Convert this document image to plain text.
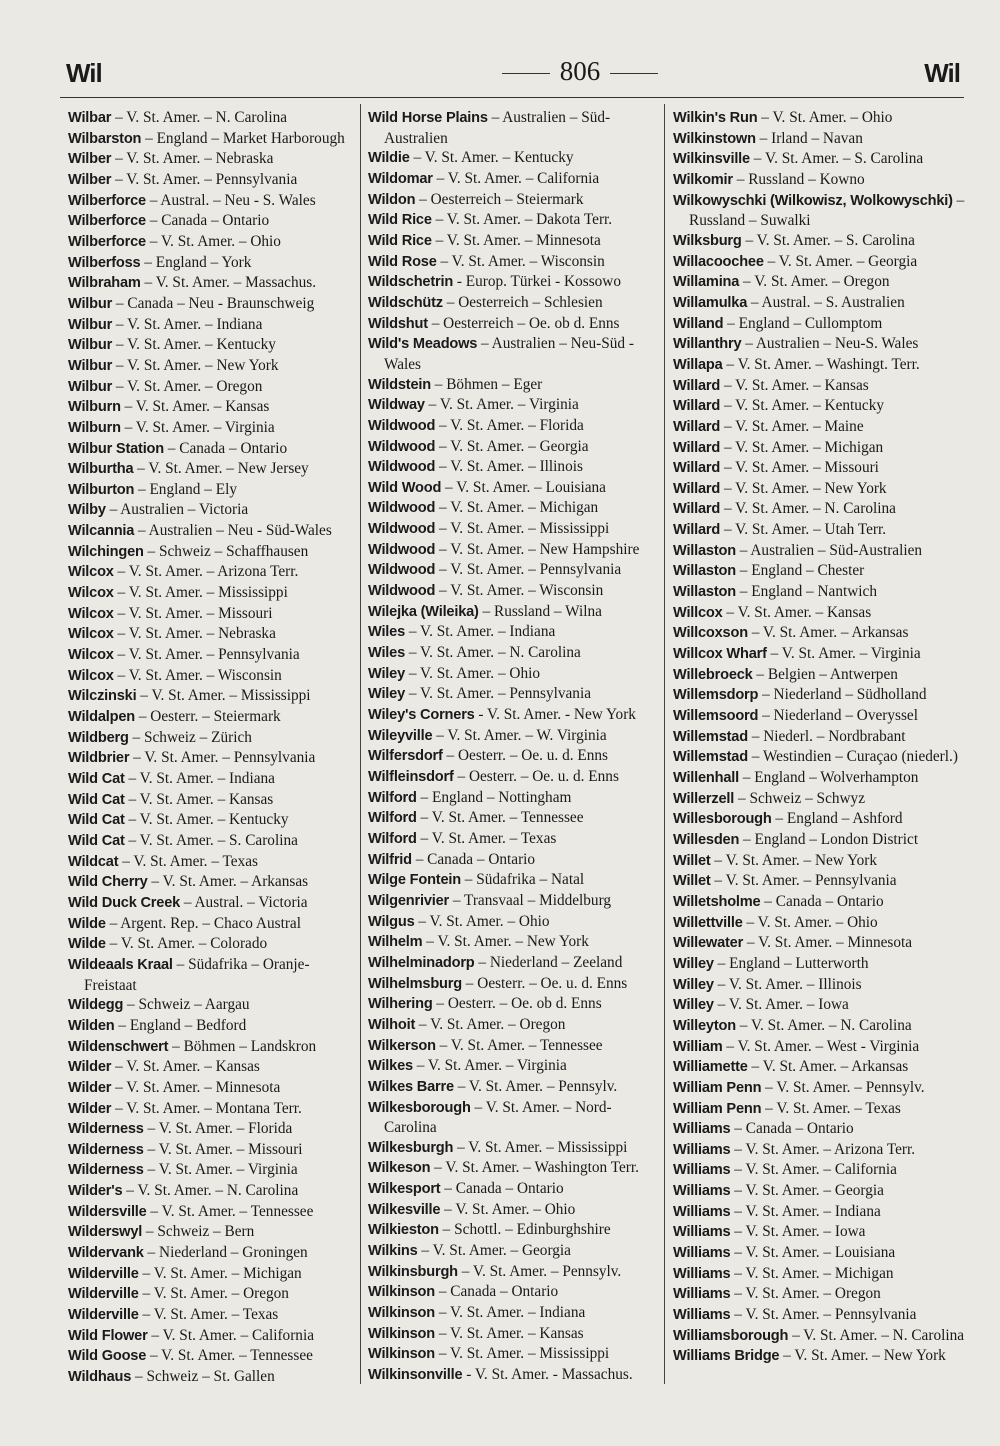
Wil	806	Wil
Wilbar – V. St. Amer. – N. Carolina
Wilbarston – England – Market Harborough
Wilber – V. St. Amer. – Nebraska
Wilber – V. St. Amer. – Pennsylvania
Wilberforce – Austral. – Neu - S. Wales
Wilberforce – Canada – Ontario
Wilberforce – V. St. Amer. – Ohio
Wilberfoss – England – York
Wilbraham – V. St. Amer. – Massachus.
Wilbur – Canada – Neu - Braunschweig
Wilbur – V. St. Amer. – Indiana
Wilbur – V. St. Amer. – Kentucky
Wilbur – V. St. Amer. – New York
Wilbur – V. St. Amer. – Oregon
Wilburn – V. St. Amer. – Kansas
Wilburn – V. St. Amer. – Virginia
Wilbur Station – Canada – Ontario
Wilburtha – V. St. Amer. – New Jersey
Wilburton – England – Ely
Wilby – Australien – Victoria
Wilcannia – Australien – Neu - Süd-Wales
Wilchingen – Schweiz – Schaffhausen
Wilcox – V. St. Amer. – Arizona Terr.
Wilcox – V. St. Amer. – Mississippi
Wilcox – V. St. Amer. – Missouri
Wilcox – V. St. Amer. – Nebraska
Wilcox – V. St. Amer. – Pennsylvania
Wilcox – V. St. Amer. – Wisconsin
Wilczinski – V. St. Amer. – Mississippi
Wildalpen – Oesterr. – Steiermark
Wildberg – Schweiz – Zürich
Wildbrier – V. St. Amer. – Pennsylvania
Wild Cat – V. St. Amer. – Indiana
Wild Cat – V. St. Amer. – Kansas
Wild Cat – V. St. Amer. – Kentucky
Wild Cat – V. St. Amer. – S. Carolina
Wildcat – V. St. Amer. – Texas
Wild Cherry – V. St. Amer. – Arkansas
Wild Duck Creek – Austral. – Victoria
Wilde – Argent. Rep. – Chaco Austral
Wilde – V. St. Amer. – Colorado
Wildeaals Kraal – Südafrika – Oranje-Freistaat
Wildegg – Schweiz – Aargau
Wilden – England – Bedford
Wildenschwert – Böhmen – Landskron
Wilder – V. St. Amer. – Kansas
Wilder – V. St. Amer. – Minnesota
Wilder – V. St. Amer. – Montana Terr.
Wilderness – V. St. Amer. – Florida
Wilderness – V. St. Amer. – Missouri
Wilderness – V. St. Amer. – Virginia
Wilder's – V. St. Amer. – N. Carolina
Wildersville – V. St. Amer. – Tennessee
Wilderswyl – Schweiz – Bern
Wildervank – Niederland – Groningen
Wilderville – V. St. Amer. – Michigan
Wilderville – V. St. Amer. – Oregon
Wilderville – V. St. Amer. – Texas
Wild Flower – V. St. Amer. – California
Wild Goose – V. St. Amer. – Tennessee
Wildhaus – Schweiz – St. Gallen
Wild Horse Plains – Australien – Süd-Australien
Wildie – V. St. Amer. – Kentucky
Wildomar – V. St. Amer. – California
Wildon – Oesterreich – Steiermark
Wild Rice – V. St. Amer. – Dakota Terr.
Wild Rice – V. St. Amer. – Minnesota
Wild Rose – V. St. Amer. – Wisconsin
Wildschetrin - Europ. Türkei - Kossowo
Wildschütz – Oesterreich – Schlesien
Wildshut – Oesterreich – Oe. ob d. Enns
Wild's Meadows – Australien – Neu-Süd -Wales
Wildstein – Böhmen – Eger
Wildway – V. St. Amer. – Virginia
Wildwood – V. St. Amer. – Florida
Wildwood – V. St. Amer. – Georgia
Wildwood – V. St. Amer. – Illinois
Wild Wood – V. St. Amer. – Louisiana
Wildwood – V. St. Amer. – Michigan
Wildwood – V. St. Amer. – Mississippi
Wildwood – V. St. Amer. – New Hampshire
Wildwood – V. St. Amer. – Pennsylvania
Wildwood – V. St. Amer. – Wisconsin
Wilejka (Wileika) – Russland – Wilna
Wiles – V. St. Amer. – Indiana
Wiles – V. St. Amer. – N. Carolina
Wiley – V. St. Amer. – Ohio
Wiley – V. St. Amer. – Pennsylvania
Wiley's Corners - V. St. Amer. - New York
Wileyville – V. St. Amer. – W. Virginia
Wilfersdorf – Oesterr. – Oe. u. d. Enns
Wilfleinsdorf – Oesterr. – Oe. u. d. Enns
Wilford – England – Nottingham
Wilford – V. St. Amer. – Tennessee
Wilford – V. St. Amer. – Texas
Wilfrid – Canada – Ontario
Wilge Fontein – Südafrika – Natal
Wilgenrivier – Transvaal – Middelburg
Wilgus – V. St. Amer. – Ohio
Wilhelm – V. St. Amer. – New York
Wilhelminadorp – Niederland – Zeeland
Wilhelmsburg – Oesterr. – Oe. u. d. Enns
Wilhering – Oesterr. – Oe. ob d. Enns
Wilhoit – V. St. Amer. – Oregon
Wilkerson – V. St. Amer. – Tennessee
Wilkes – V. St. Amer. – Virginia
Wilkes Barre – V. St. Amer. – Pennsylv.
Wilkesborough – V. St. Amer. – Nord-Carolina
Wilkesburgh – V. St. Amer. – Mississippi
Wilkeson – V. St. Amer. – Washington Terr.
Wilkesport – Canada – Ontario
Wilkesville – V. St. Amer. – Ohio
Wilkieston – Schottl. – Edinburghshire
Wilkins – V. St. Amer. – Georgia
Wilkinsburgh – V. St. Amer. – Pennsylv.
Wilkinson – Canada – Ontario
Wilkinson – V. St. Amer. – Indiana
Wilkinson – V. St. Amer. – Kansas
Wilkinson – V. St. Amer. – Mississippi
Wilkinsonville - V. St. Amer. - Massachus.
Wilkin's Run – V. St. Amer. – Ohio
Wilkinstown – Irland – Navan
Wilkinsville – V. St. Amer. – S. Carolina
Wilkomir – Russland – Kowno
Wilkowyschki (Wilkowisz, Wolkowyschki) – Russland – Suwalki
Wilksburg – V. St. Amer. – S. Carolina
Willacoochee – V. St. Amer. – Georgia
Willamina – V. St. Amer. – Oregon
Willamulka – Austral. – S. Australien
Willand – England – Cullomptom
Willanthry – Australien – Neu-S. Wales
Willapa – V. St. Amer. – Washingt. Terr.
Willard – V. St. Amer. – Kansas
Willard – V. St. Amer. – Kentucky
Willard – V. St. Amer. – Maine
Willard – V. St. Amer. – Michigan
Willard – V. St. Amer. – Missouri
Willard – V. St. Amer. – New York
Willard – V. St. Amer. – N. Carolina
Willard – V. St. Amer. – Utah Terr.
Willaston – Australien – Süd-Australien
Willaston – England – Chester
Willaston – England – Nantwich
Willcox – V. St. Amer. – Kansas
Willcoxson – V. St. Amer. – Arkansas
Willcox Wharf – V. St. Amer. – Virginia
Willebroeck – Belgien – Antwerpen
Willemsdorp – Niederland – Südholland
Willemsoord – Niederland – Overyssel
Willemstad – Niederl. – Nordbrabant
Willemstad – Westindien – Curaçao (niederl.)
Willenhall – England – Wolverhampton
Willerzell – Schweiz – Schwyz
Willesborough – England – Ashford
Willesden – England – London District
Willet – V. St. Amer. – New York
Willet – V. St. Amer. – Pennsylvania
Willetsholme – Canada – Ontario
Willettville – V. St. Amer. – Ohio
Willewater – V. St. Amer. – Minnesota
Willey – England – Lutterworth
Willey – V. St. Amer. – Illinois
Willey – V. St. Amer. – Iowa
Willeyton – V. St. Amer. – N. Carolina
William – V. St. Amer. – West - Virginia
Williamette – V. St. Amer. – Arkansas
William Penn – V. St. Amer. – Pennsylv.
William Penn – V. St. Amer. – Texas
Williams – Canada – Ontario
Williams – V. St. Amer. – Arizona Terr.
Williams – V. St. Amer. – California
Williams – V. St. Amer. – Georgia
Williams – V. St. Amer. – Indiana
Williams – V. St. Amer. – Iowa
Williams – V. St. Amer. – Louisiana
Williams – V. St. Amer. – Michigan
Williams – V. St. Amer. – Oregon
Williams – V. St. Amer. – Pennsylvania
Williamsborough – V. St. Amer. – N. Carolina
Williams Bridge – V. St. Amer. – New York
